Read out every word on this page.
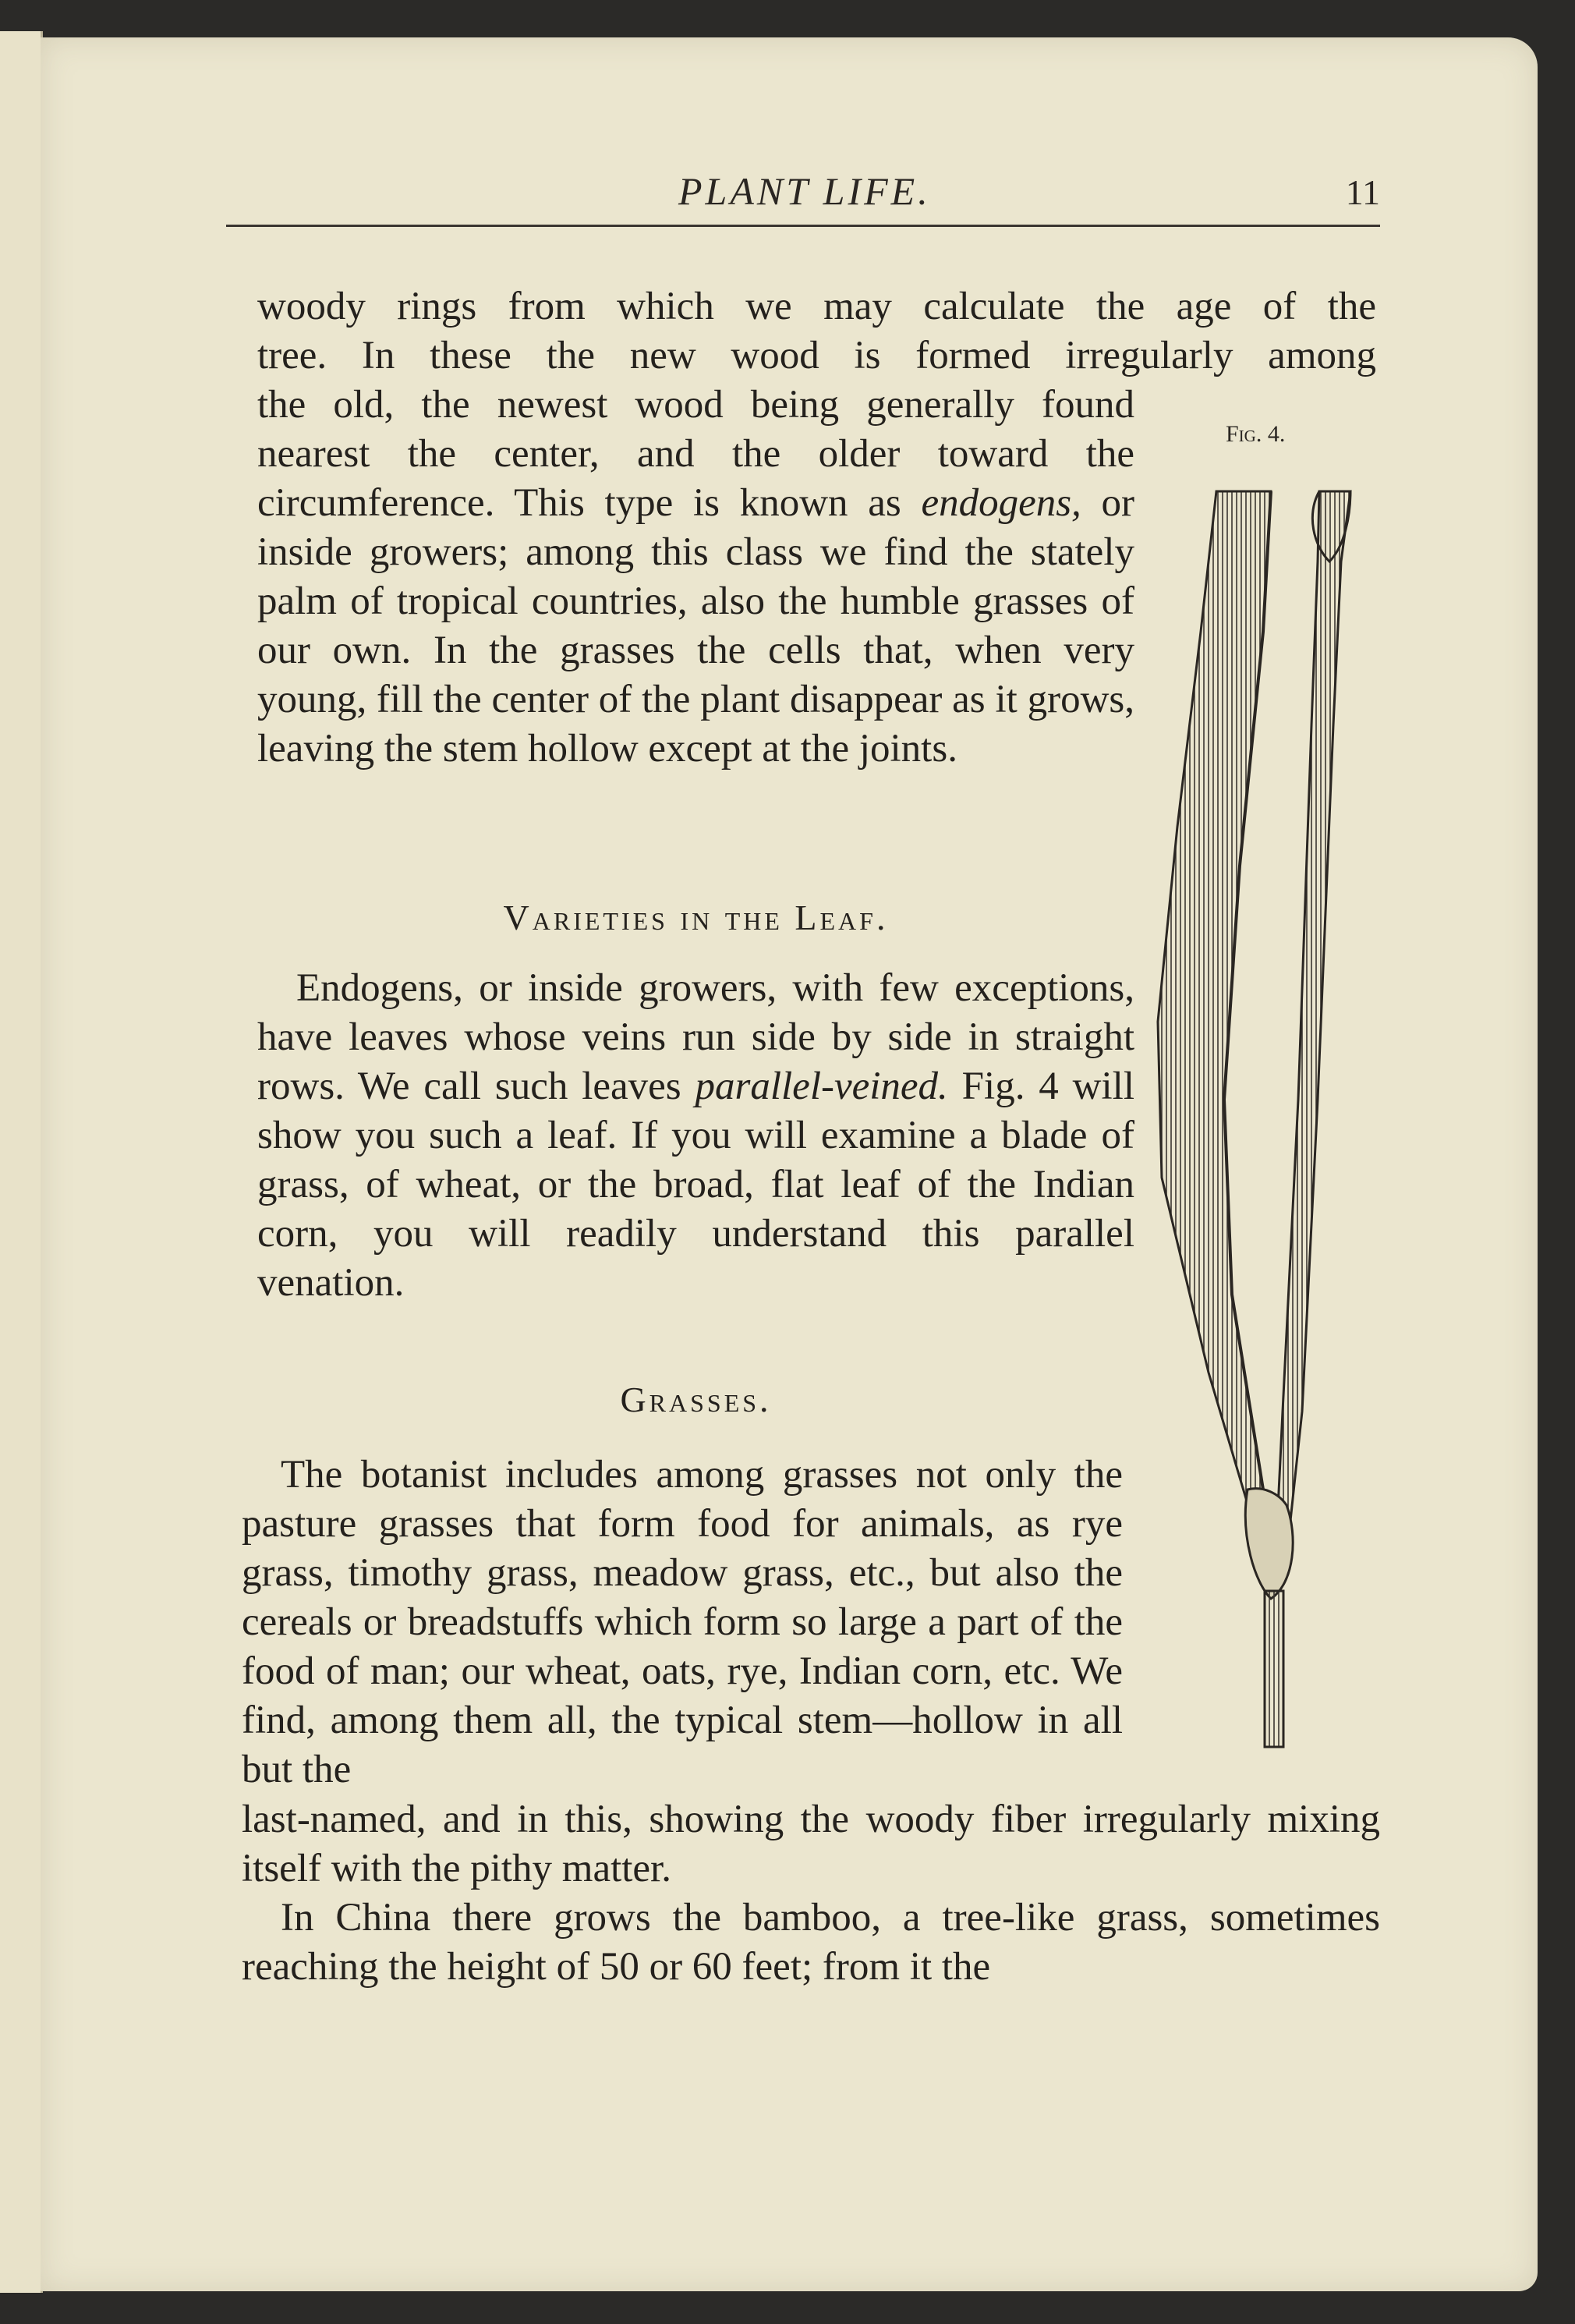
PLANT LIFE.	11

woody rings from which we may calculate the age of the

tree. In these the new wood is formed irregularly among

the old, the newest wood being generally found nearest the center, and the older toward the circumference. This type is known as endogens, or inside growers; among this class we find the stately palm of tropical countries, also the humble grasses of our own. In the grasses the cells that, when very young, fill the center of the plant disappear as it grows, leaving the stem hollow except at the joints.

Varieties in the Leaf.

Endogens, or inside growers, with few exceptions, have leaves whose veins run side by side in straight rows. We call such leaves parallel-veined. Fig. 4 will show you such a leaf. If you will examine a blade of grass, of wheat, or the broad, flat leaf of the Indian corn, you will readily understand this parallel venation.

Grasses.

The botanist includes among grasses not only the pasture grasses that form food for animals, as rye grass, timothy grass, meadow grass, etc., but also the cereals or breadstuffs which form so large a part of the food of man; our wheat, oats, rye, Indian corn, etc. We find, among them all, the typical stem—hollow in all but the

last-named, and in this, showing the woody fiber irregularly mixing itself with the pithy matter.

In China there grows the bamboo, a tree-like grass, sometimes reaching the height of 50 or 60 feet; from it the

Fig. 4.
